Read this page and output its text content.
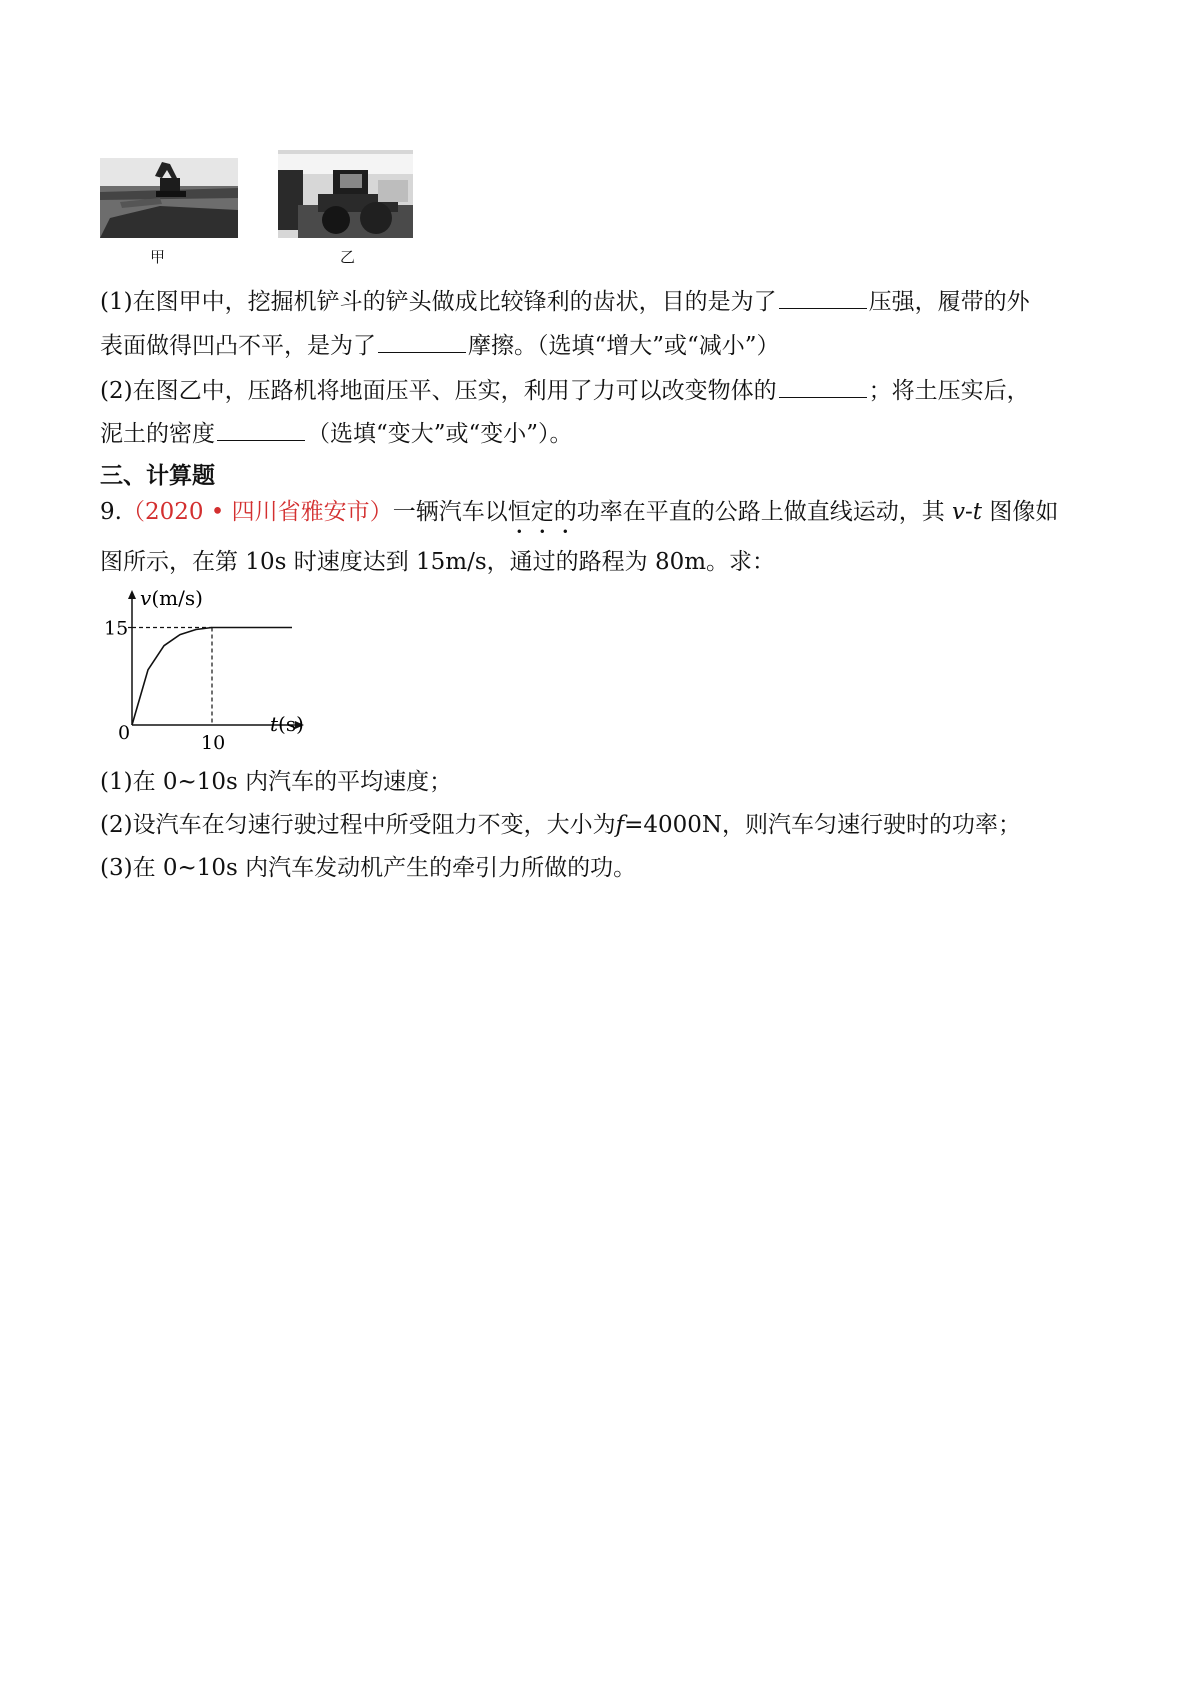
甲	乙
(1)在图甲中，挖掘机铲斗的铲头做成比较锋利的齿状，目的是为了	压强，履带的外
表面做得凹凸不平，是为了	摩擦。（选填“增大”或“减小”）
(2)在图乙中，压路机将地面压平、压实，利用了力可以改变物体的	；将土压实后，
泥土的密度	（选填“变大”或“变小”）。
三、计算题
9.（2020 • 四川省雅安市）一辆汽车以恒定的功率在平直的公路上做直线运动，其 v-t 图像如
图所示，在第 10s 时速度达到 15m/s，通过的路程为 80m。求：
v(m/s)
t(s)
0
15
10
(1)在 0~10s 内汽车的平均速度；
(2)设汽车在匀速行驶过程中所受阻力不变，大小为f=4000N，则汽车匀速行驶时的功率；
(3)在 0~10s 内汽车发动机产生的牵引力所做的功。
